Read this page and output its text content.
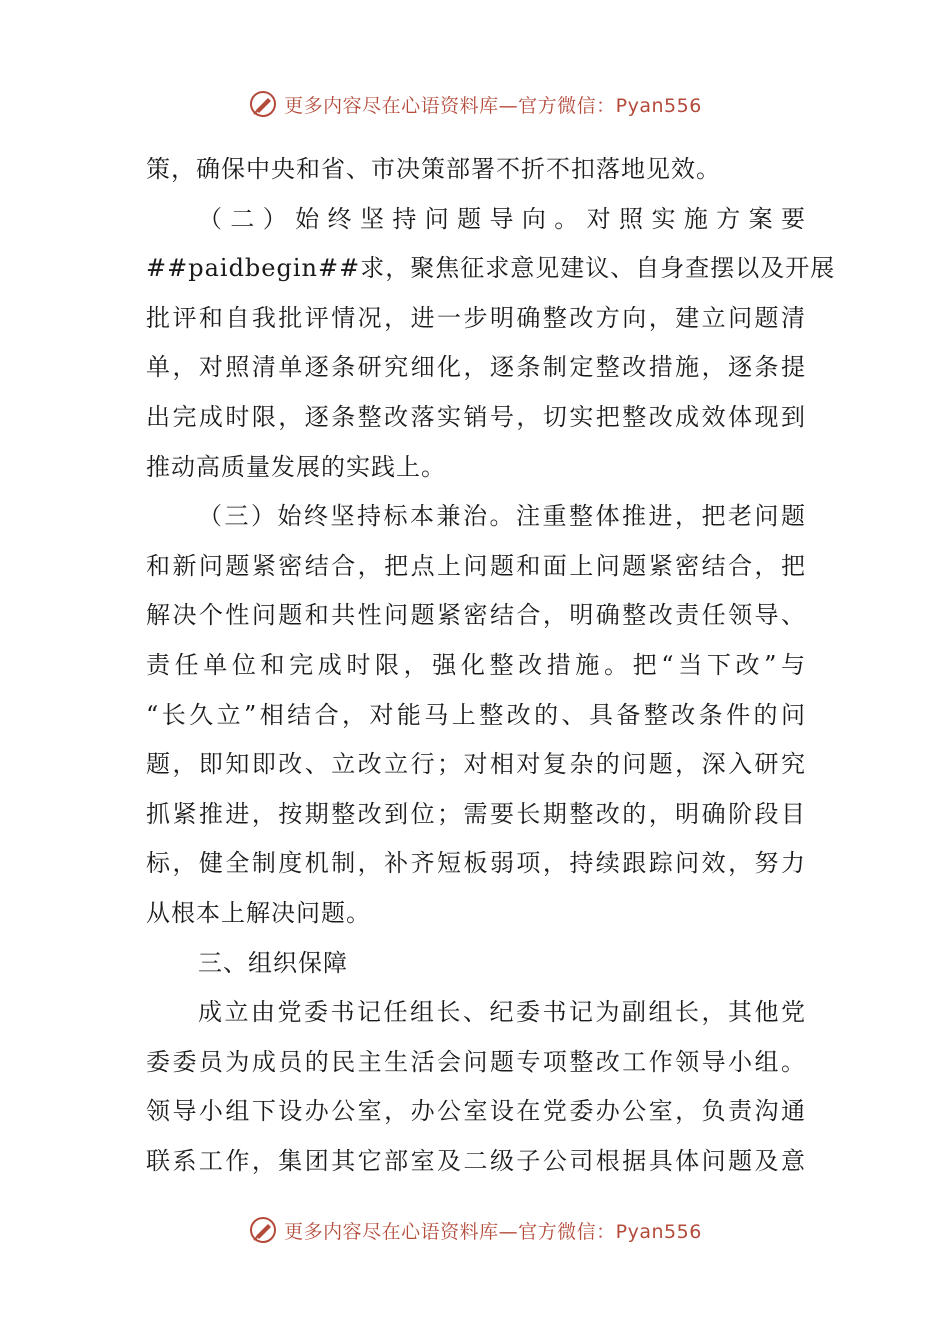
更多内容尽在心语资料库—官方微信：Pyan556
策，确保中央和省、市决策部署不折不扣落地见效。
（二）始终坚持问题导向。对照实施方案要
##paidbegin##求，聚焦征求意见建议、自身查摆以及开展
批评和自我批评情况，进一步明确整改方向，建立问题清
单，对照清单逐条研究细化，逐条制定整改措施，逐条提
出完成时限，逐条整改落实销号，切实把整改成效体现到
推动高质量发展的实践上。
（三）始终坚持标本兼治。注重整体推进，把老问题
和新问题紧密结合，把点上问题和面上问题紧密结合，把
解决个性问题和共性问题紧密结合，明确整改责任领导、
责任单位和完成时限，强化整改措施。把“当下改”与
“长久立”相结合，对能马上整改的、具备整改条件的问
题，即知即改、立改立行；对相对复杂的问题，深入研究
抓紧推进，按期整改到位；需要长期整改的，明确阶段目
标，健全制度机制，补齐短板弱项，持续跟踪问效，努力
从根本上解决问题。
三、组织保障
成立由党委书记任组长、纪委书记为副组长，其他党
委委员为成员的民主生活会问题专项整改工作领导小组。
领导小组下设办公室，办公室设在党委办公室，负责沟通
联系工作，集团其它部室及二级子公司根据具体问题及意
更多内容尽在心语资料库—官方微信：Pyan556
